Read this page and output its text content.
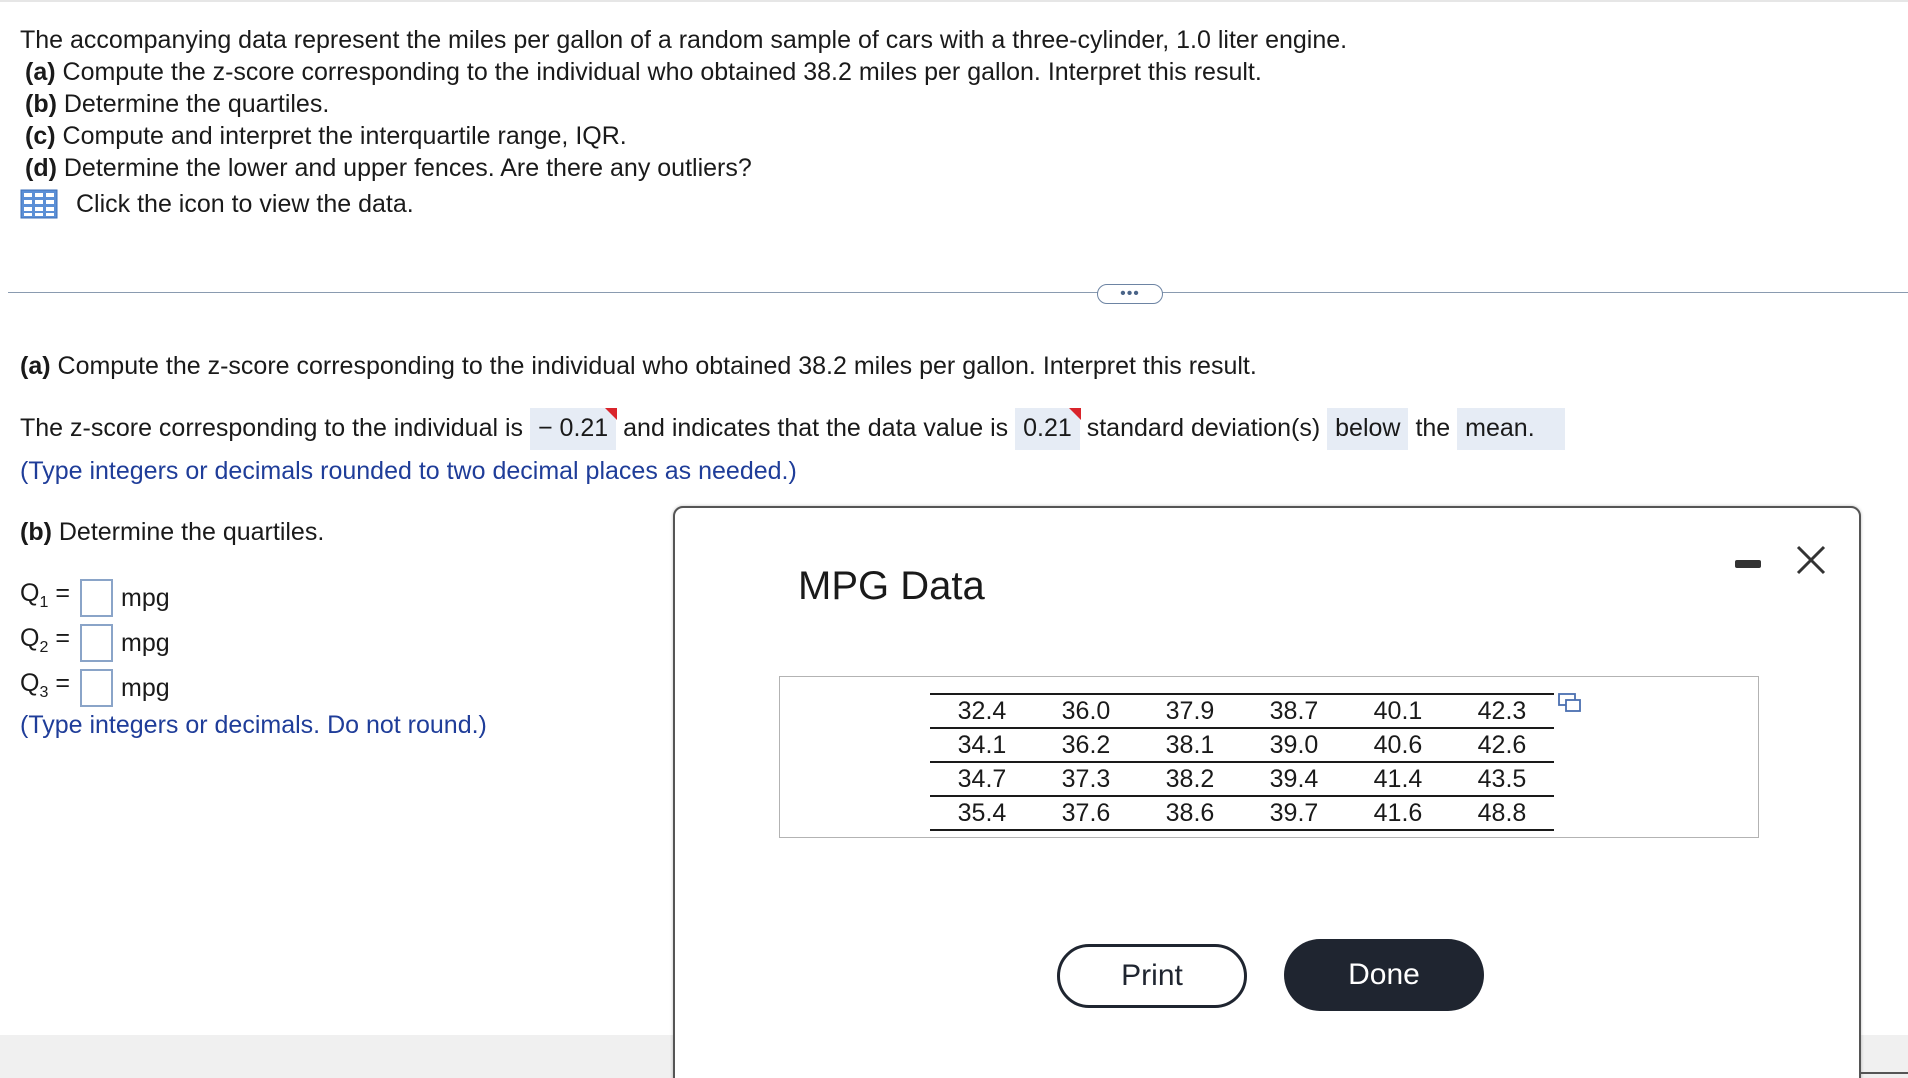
The accompanying data represent the miles per gallon of a random sample of cars with a three-cylinder, 1.0 liter engine.
(a) Compute the z-score corresponding to the individual who obtained 38.2 miles per gallon. Interpret this result.
(b) Determine the quartiles.
(c) Compute and interpret the interquartile range, IQR.
(d) Determine the lower and upper fences. Are there any outliers?
Click the icon to view the data.
•••
(a) Compute the z-score corresponding to the individual who obtained 38.2 miles per gallon. Interpret this result.
The z-score corresponding to the individual is − 0.21 and indicates that the data value is 0.21 standard deviation(s) below the mean.
(Type integers or decimals rounded to two decimal places as needed.)
(b) Determine the quartiles.
$Q_1$ =	mpg
$Q_2$ =	mpg
$Q_3$ =	mpg
(Type integers or decimals. Do not round.)
MPG Data
32.4	36.0	37.9	38.7	40.1	42.3
34.1	36.2	38.1	39.0	40.6	42.6
34.7	37.3	38.2	39.4	41.4	43.5
35.4	37.6	38.6	39.7	41.6	48.8
Print	Done
